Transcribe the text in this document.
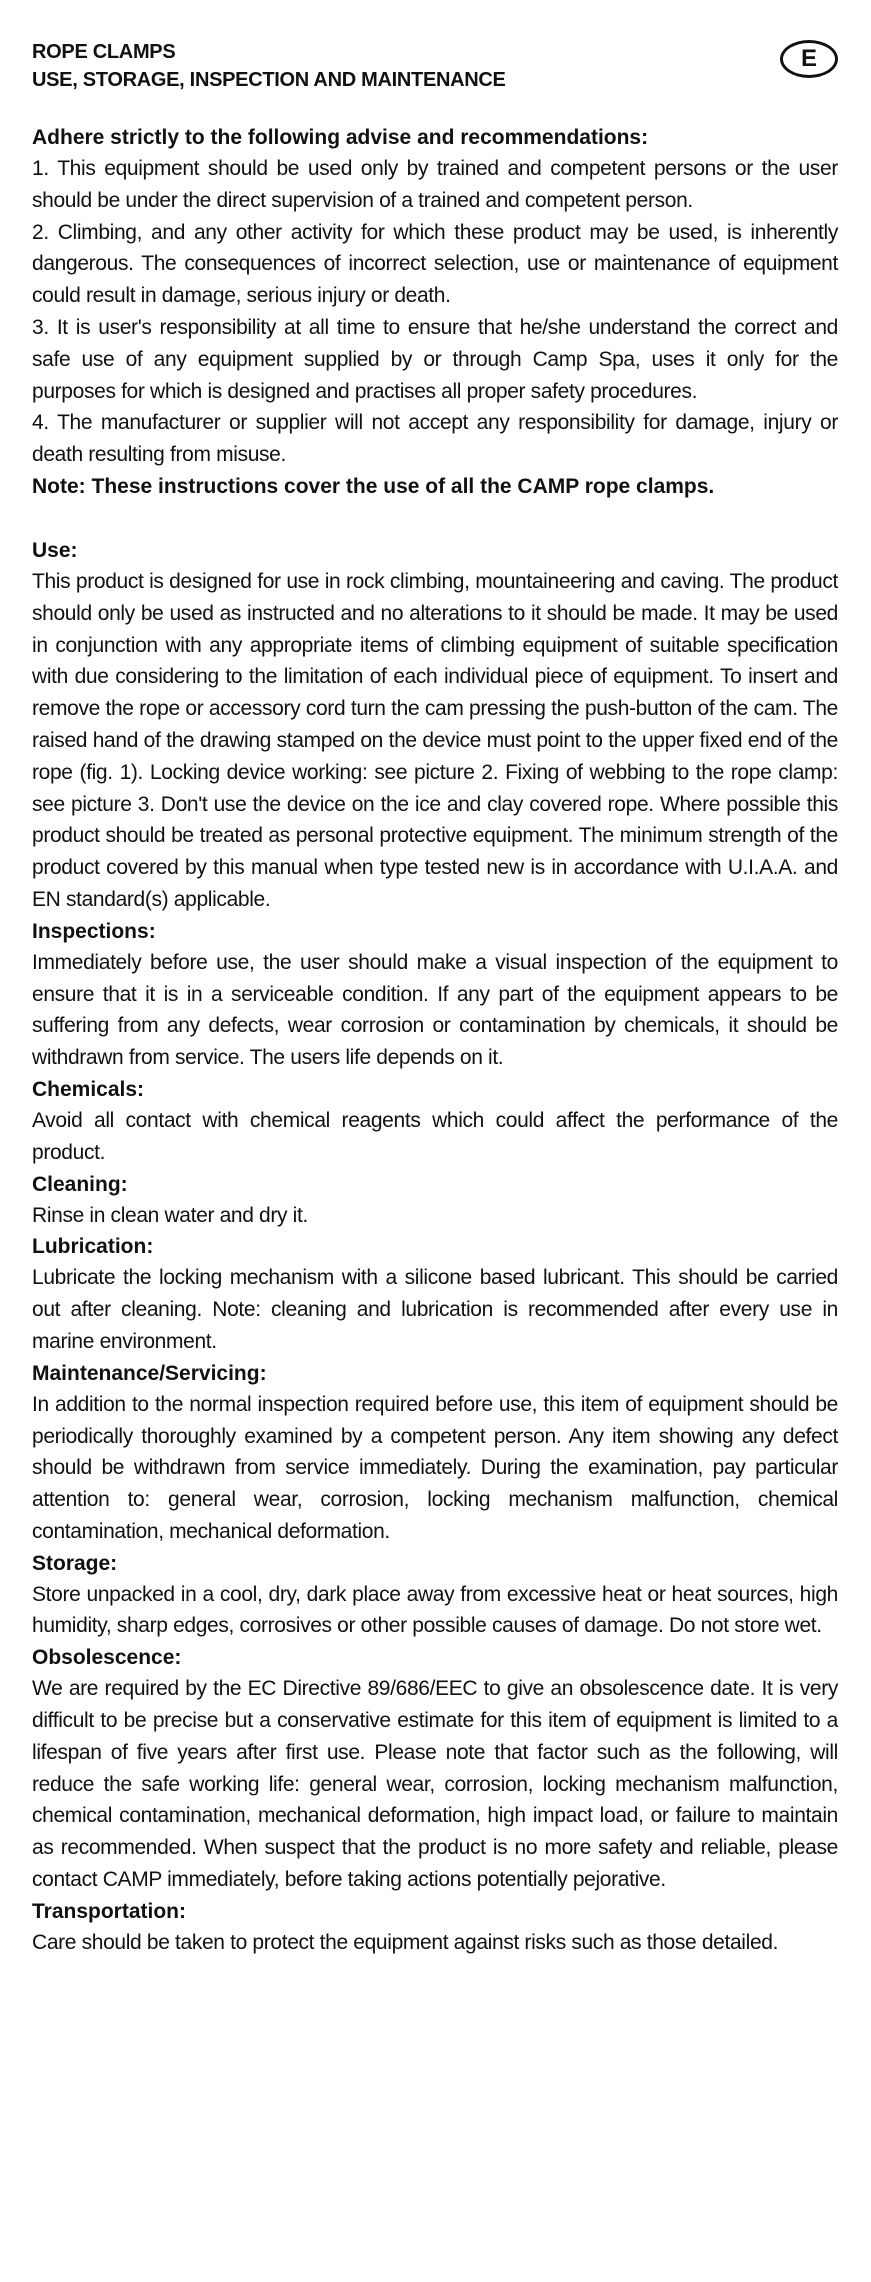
ROPE CLAMPS
USE, STORAGE, INSPECTION AND MAINTENANCE
E
Adhere strictly to the following advise and recommendations:

1. This equipment should be used only by trained and competent persons or the user should be under the direct supervision of a trained and competent person.

2. Climbing, and any other activity for which these product may be used, is inherently dangerous. The consequences of incorrect selection, use or maintenance of equipment could result in damage, serious injury or death.

3. It is user's responsibility at all time to ensure that he/she understand the correct and safe use of any equipment supplied by or through Camp Spa, uses it only for the purposes for which is designed and practises all proper safety procedures.

4. The manufacturer or supplier will not accept any responsibility for damage, injury or death resulting from misuse.

Note: These instructions cover the use of all the CAMP rope clamps.
Use:

This product is designed for use in rock climbing, mountaineering and caving. The product should only be used as instructed and no alterations to it should be made. It may be used in conjunction with any appropriate items of climbing equipment of suitable specification with due considering to the limitation of each individual piece of equipment. To insert and remove the rope or accessory cord turn the cam pressing the push-button of the cam. The raised hand of the drawing stamped on the device must point to the upper fixed end of the rope (fig. 1). Locking device working: see picture 2. Fixing of webbing to the rope clamp: see picture 3. Don't use the device on the ice and clay covered rope. Where possible this product should be treated as personal protective equipment. The minimum strength of the product covered by this manual when type tested new is in accordance with U.I.A.A. and EN standard(s) applicable.

Inspections:

Immediately before use, the user should make a visual inspection of the equipment to ensure that it is in a serviceable condition. If any part of the equipment appears to be suffering from any defects, wear corrosion or contamination by chemicals, it should be withdrawn from service. The users life depends on it.

Chemicals:

Avoid all contact with chemical reagents which could affect the performance of the product.

Cleaning:

Rinse in clean water and dry it.

Lubrication:

Lubricate the locking mechanism with a silicone based lubricant. This should be carried out after cleaning. Note: cleaning and lubrication is recommended after every use in marine environment.

Maintenance/Servicing:

In addition to the normal inspection required before use, this item of equipment should be periodically thoroughly examined by a competent person. Any item showing any defect should be withdrawn from service immediately. During the examination, pay particular attention to: general wear, corrosion, locking mechanism malfunction, chemical contamination, mechanical deformation.

Storage:

Store unpacked in a cool, dry, dark place away from excessive heat or heat sources, high humidity, sharp edges, corrosives or other possible causes of damage. Do not store wet.

Obsolescence:

We are required by the EC Directive 89/686/EEC to give an obsolescence date. It is very difficult to be precise but a conservative estimate for this item of equipment is limited to a lifespan of five years after first use. Please note that factor such as the following, will reduce the safe working life: general wear, corrosion, locking mechanism malfunction, chemical contamination, mechanical deformation, high impact load, or failure to maintain as recommended. When suspect that the product is no more safety and reliable, please contact CAMP immediately, before taking actions potentially pejorative.

Transportation:

Care should be taken to protect the equipment against risks such as those detailed.
